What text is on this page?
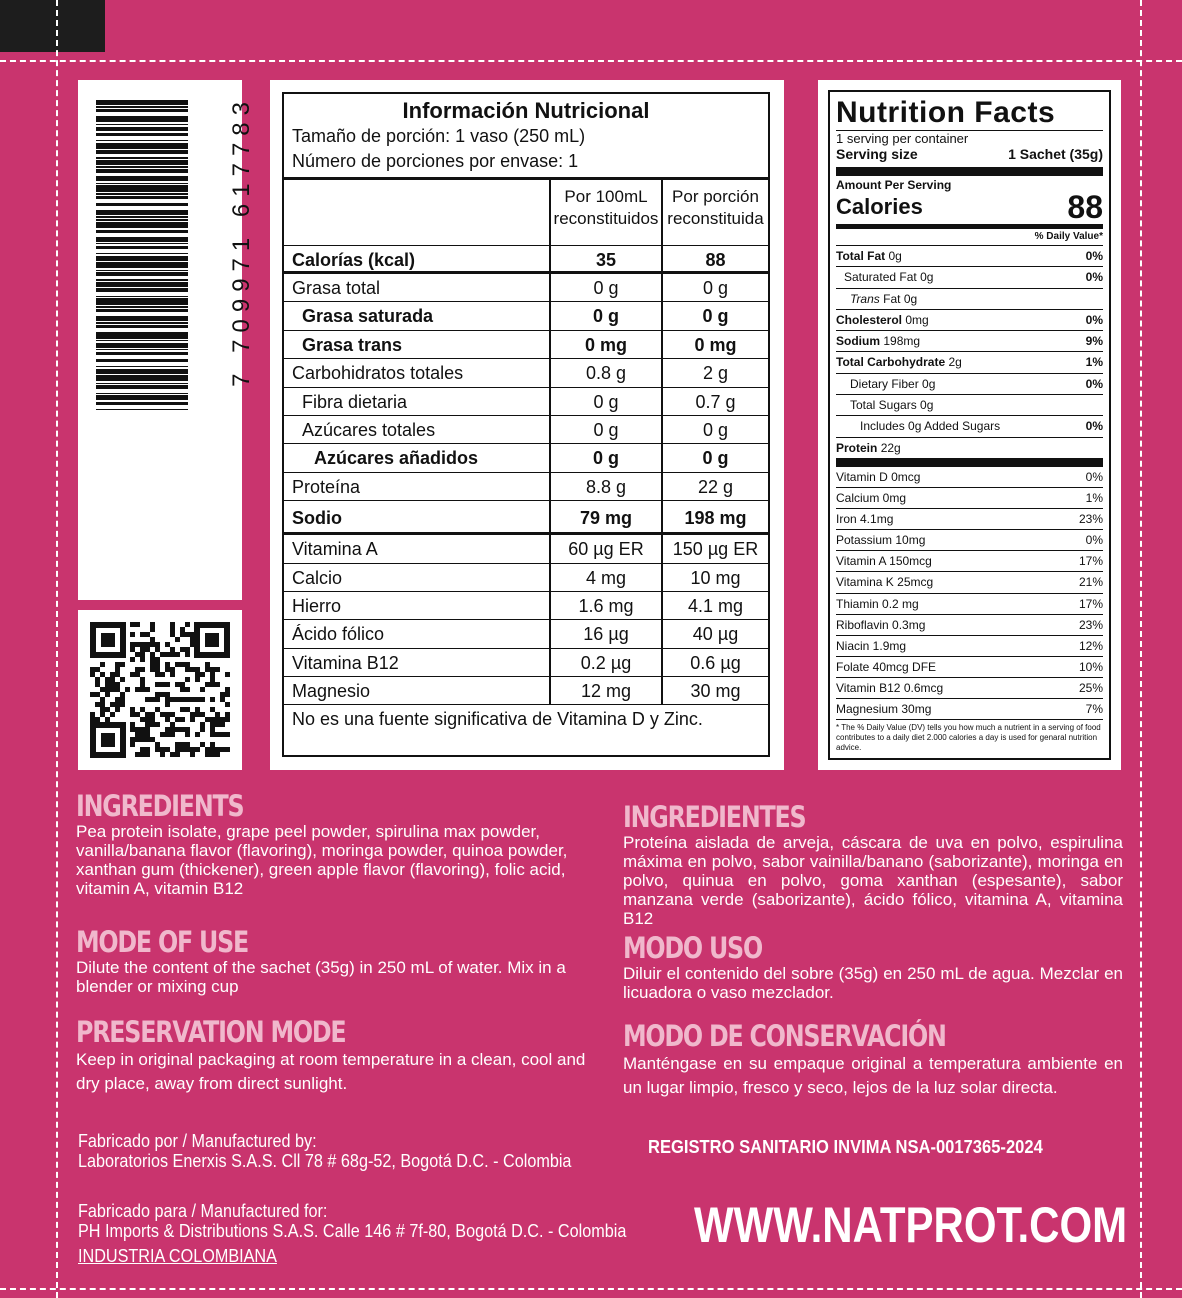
7 709971 617783	Información Nutricional
Tamaño de porción: 1 vaso (250 mL)
Número de porciones por envase: 1
Por 100mL
reconstituidos
Por porción
reconstituida
Calorías (kcal)	35	88
Grasa total	0 g	0 g
Grasa saturada	0 g	0 g
Grasa trans	0 mg	0 mg
Carbohidratos totales	0.8 g	2 g
Fibra dietaria	0 g	0.7 g
Azúcares totales	0 g	0 g
Azúcares añadidos	0 g	0 g
Proteína	8.8 g	22 g
Sodio	79 mg	198 mg
Vitamina A	60 µg ER	150 µg ER
Calcio	4 mg	10 mg
Hierro	1.6 mg	4.1 mg
Ácido fólico	16 µg	40 µg
Vitamina B12	0.2 µg	0.6 µg
Magnesio	12 mg	30 mg
No es una fuente significativa de Vitamina D y Zinc.
Nutrition Facts
1 serving per container
Serving size	1 Sachet (35g)
Amount Per Serving
Calories	88
% Daily Value*
Total Fat 0g	0%
Saturated Fat 0g	0%
Trans Fat 0g
Cholesterol 0mg	0%
Sodium 198mg	9%
Total Carbohydrate 2g	1%
Dietary Fiber 0g	0%
Total Sugars 0g
Includes 0g Added Sugars	0%
Protein 22g
Vitamin D 0mcg	0%
Calcium 0mg	1%
Iron 4.1mg	23%
Potassium 10mg	0%
Vitamin A 150mcg	17%
Vitamina K 25mcg	21%
Thiamin 0.2 mg	17%
Riboflavin 0.3mg	23%
Niacin 1.9mg	12%
Folate 40mcg DFE	10%
Vitamin B12 0.6mcg	25%
Magnesium 30mg	7%
* The % Daily Value (DV) tells you how much a nutrient in a serving of food contributes to a daily diet 2.000 calories a day is used for genaral nutrition advice.
INGREDIENTS

Pea protein isolate, grape peel powder, spirulina max powder, vanilla/banana flavor (flavoring), moringa powder, quinoa powder, xanthan gum (thickener), green apple flavor (flavoring), folic acid, vitamin A, vitamin B12

MODE OF USE

Dilute the content of the sachet (35g) in 250 mL of water. Mix in a blender or mixing cup

PRESERVATION MODE

Keep in original packaging at room temperature in a clean, cool and dry place, away from direct sunlight.

INGREDIENTES

Proteína aislada de arveja, cáscara de uva en polvo, espirulina máxima en polvo, sabor vainilla/banano (saborizante), moringa en polvo, quinua en polvo, goma xanthan (espesante), sabor manzana verde (saborizante), ácido fólico, vitamina A, vitamina B12

MODO USO

Diluir el contenido del sobre (35g) en 250 mL de agua. Mezclar en licuadora o vaso mezclador.

MODO DE CONSERVACIÓN

Manténgase en su empaque original a temperatura ambiente en un lugar limpio, fresco y seco, lejos de la luz solar directa.

Fabricado por / Manufactured by:
Laboratorios Enerxis S.A.S. Cll 78 # 68g-52, Bogotá D.C. - Colombia
Fabricado para / Manufactured for:
PH Imports & Distributions S.A.S. Calle 146 # 7f-80, Bogotá D.C. - Colombia
INDUSTRIA COLOMBIANA
REGISTRO SANITARIO INVIMA NSA-0017365-2024
WWW.NATPROT.COM
